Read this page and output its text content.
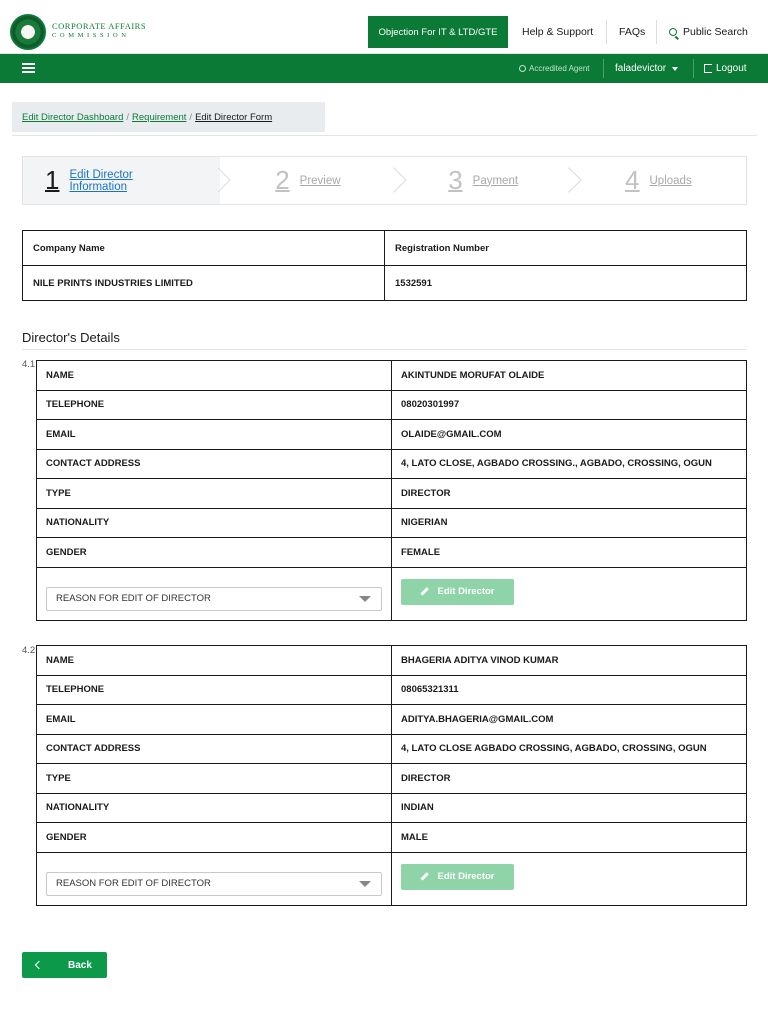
CORPORATE AFFAIRS
COMMISSION	Objection For IT & LTD/GTE	Help & Support FAQs	Public Search
Accredited Agent	faladevictor	Logout
Edit Director Dashboard / Requirement / Edit Director Form
1 Edit Director Information	2 Preview	3 Payment	4 Uploads
Company Name	Registration Number
NILE PRINTS INDUSTRIES LIMITED	1532591
Director's Details
4.1
NAME	AKINTUNDE MORUFAT OLAIDE
TELEPHONE	08020301997
EMAIL	OLAIDE@GMAIL.COM
CONTACT ADDRESS	4, LATO CLOSE, AGBADO CROSSING., AGBADO, CROSSING, OGUN
TYPE	DIRECTOR
NATIONALITY	NIGERIAN
GENDER	FEMALE

REASON FOR EDIT OF DIRECTOR	Edit Director
4.2
NAME	BHAGERIA ADITYA VINOD KUMAR
TELEPHONE	08065321311
EMAIL	ADITYA.BHAGERIA@GMAIL.COM
CONTACT ADDRESS	4, LATO CLOSE AGBADO CROSSING, AGBADO, CROSSING, OGUN
TYPE	DIRECTOR
NATIONALITY	INDIAN
GENDER	MALE

REASON FOR EDIT OF DIRECTOR	Edit Director
Back
